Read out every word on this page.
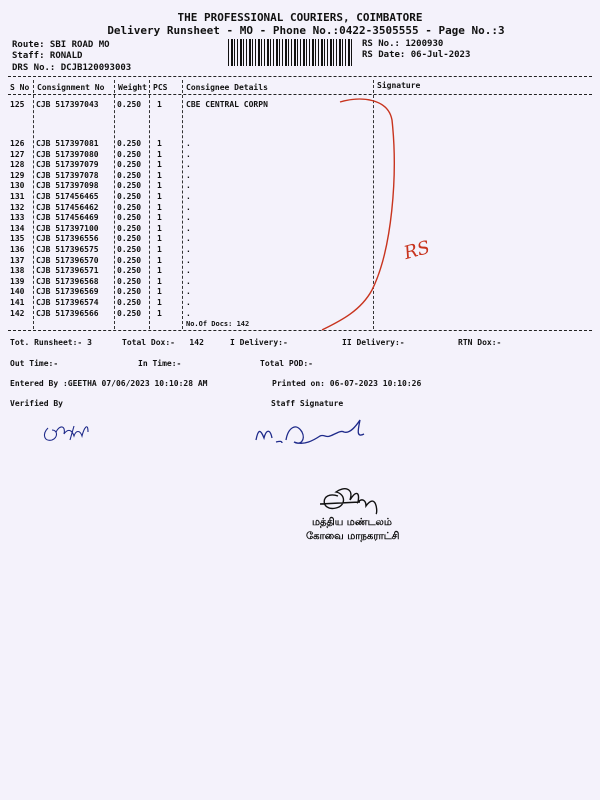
THE PROFESSIONAL COURIERS, COIMBATORE
Delivery Runsheet - MO - Phone No.:0422-3505555 - Page No.:3
Route: SBI ROAD MO
Staff: RONALD
DRS No.: DCJB120093003
RS No.: 1200930
RS Date: 06-Jul-2023
S No Consignment No Weight PCS Consignee Details	Signature
125 CJB 517397043 0.250 1	CBE CENTRAL CORPN
126 CJB 517397081 0.250 1	.
127 CJB 517397080 0.250 1	.
128 CJB 517397079 0.250 1	.
129 CJB 517397078 0.250 1	.
130 CJB 517397098 0.250 1	.
131 CJB 517456465 0.250 1	.
132 CJB 517456462 0.250 1	.
133 CJB 517456469 0.250 1	.
134 CJB 517397100 0.250 1	.
135 CJB 517396556 0.250 1	.
136 CJB 517396575 0.250 1	.
137 CJB 517396570 0.250 1	.
138 CJB 517396571 0.250 1	.
139 CJB 517396568 0.250 1	.
140 CJB 517396569 0.250 1	.
141 CJB 517396574 0.250 1	.
142 CJB 517396566 0.250 1	.
No.Of Docs: 142
Tot. Runsheet:- 3	Total Dox:-   142	I Delivery:-	II Delivery:-	RTN Dox:-
Out Time:-	In Time:-	Total POD:-
Entered By :GEETHA 07/06/2023 10:10:28 AM	Printed on: 06-07-2023 10:10:26
Verified By	Staff Signature
RS
மத்திய மண்டலம்
கோவை மாநகராட்சி
